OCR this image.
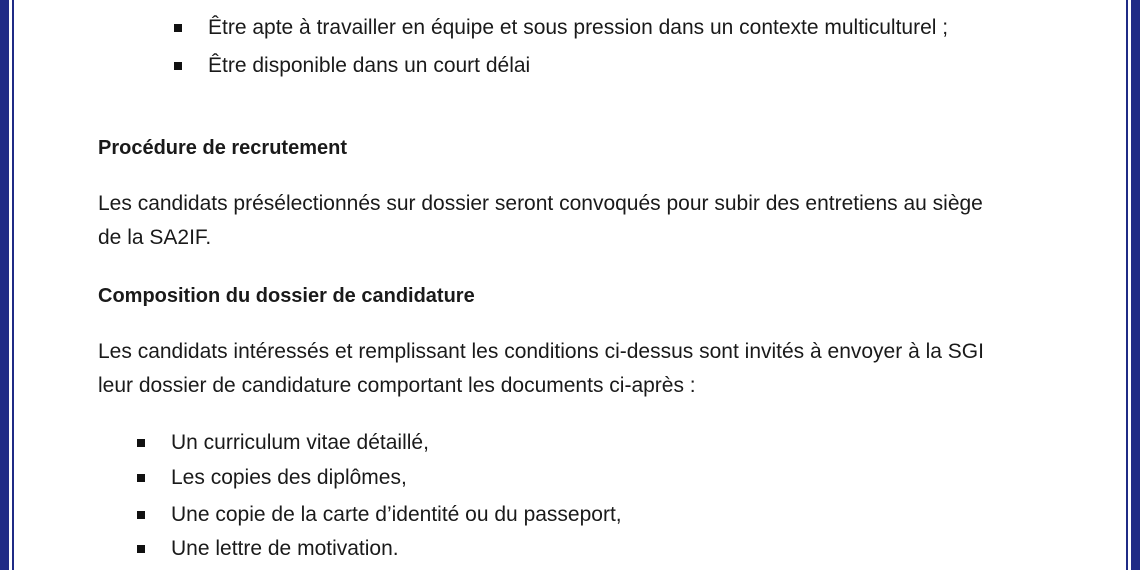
Être apte à travailler en équipe et sous pression dans un contexte multiculturel ;
Être disponible dans un court délai
Procédure de recrutement
Les candidats présélectionnés sur dossier seront convoqués pour subir des entretiens au siège
de la SA2IF.
Composition du dossier de candidature
Les candidats intéressés et remplissant les conditions ci-dessus sont invités à envoyer à la SGI
leur dossier de candidature comportant les documents ci-après :
Un curriculum vitae détaillé,
Les copies des diplômes,
Une copie de la carte d’identité ou du passeport,
Une lettre de motivation.
